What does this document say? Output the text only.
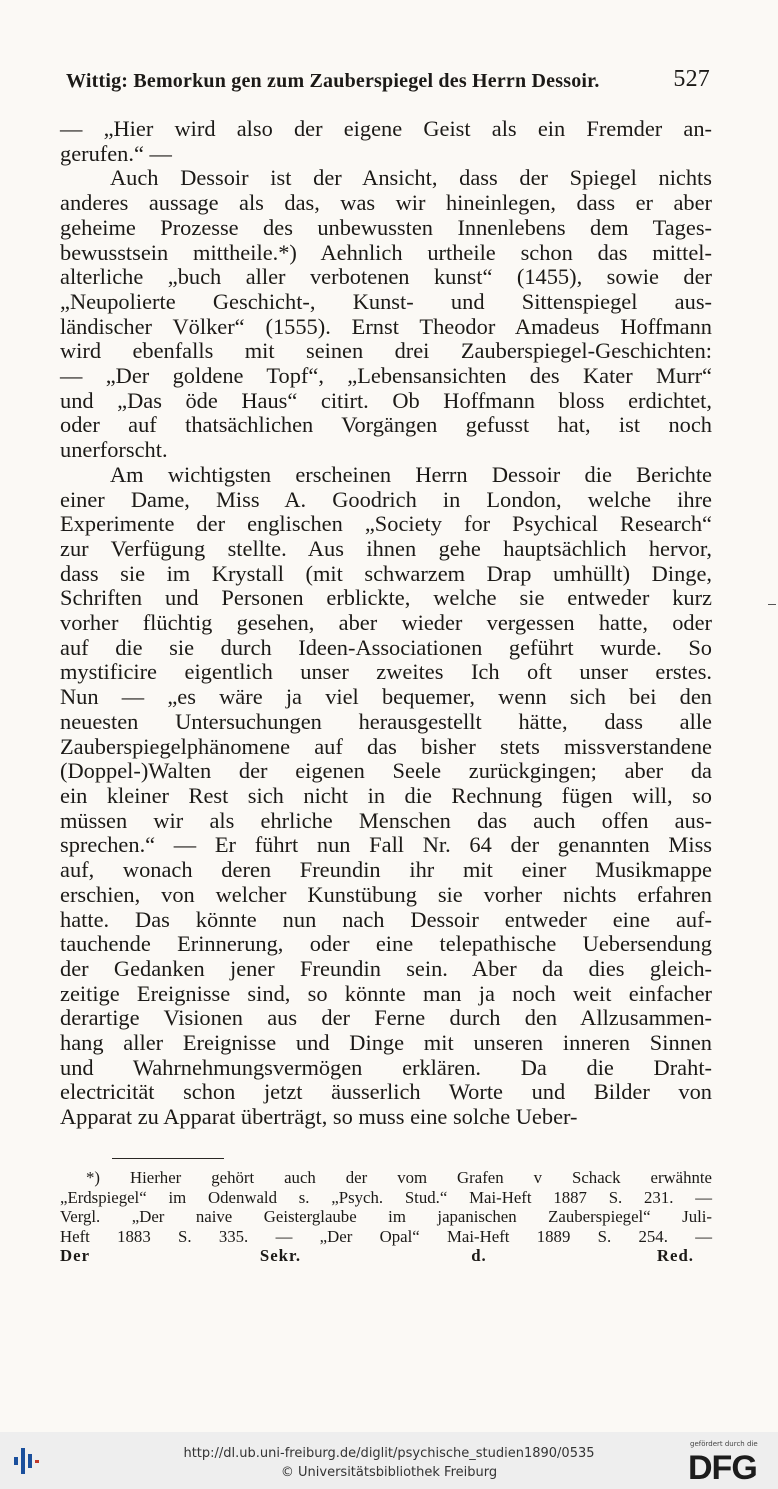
Wittig: Bemorkun gen zum Zauberspiegel des Herrn Dessoir.	527
— „Hier wird also der eigene Geist als ein Fremder an-
gerufen.“ —
Auch Dessoir ist der Ansicht, dass der Spiegel nichts
anderes aussage als das, was wir hineinlegen, dass er aber
geheime Prozesse des unbewussten Innenlebens dem Tages-
bewusstsein mittheile.*) Aehnlich urtheile schon das mittel-
alterliche „buch aller verbotenen kunst“ (1455), sowie der
„Neupolierte Geschicht-, Kunst- und Sittenspiegel aus-
ländischer Völker“ (1555). Ernst Theodor Amadeus Hoffmann
wird ebenfalls mit seinen drei Zauberspiegel-Geschichten:
— „Der goldene Topf“, „Lebensansichten des Kater Murr“
und „Das öde Haus“ citirt. Ob Hoffmann bloss erdichtet,
oder auf thatsächlichen Vorgängen gefusst hat, ist noch
unerforscht.
Am wichtigsten erscheinen Herrn Dessoir die Berichte
einer Dame, Miss A. Goodrich in London, welche ihre
Experimente der englischen „Society for Psychical Research“
zur Verfügung stellte. Aus ihnen gehe hauptsächlich hervor,
dass sie im Krystall (mit schwarzem Drap umhüllt) Dinge,
Schriften und Personen erblickte, welche sie entweder kurz
vorher flüchtig gesehen, aber wieder vergessen hatte, oder
auf die sie durch Ideen-Associationen geführt wurde. So
mystificire eigentlich unser zweites Ich oft unser erstes.
Nun — „es wäre ja viel bequemer, wenn sich bei den
neuesten Untersuchungen herausgestellt hätte, dass alle
Zauberspiegelphänomene auf das bisher stets missverstandene
(Doppel-)Walten der eigenen Seele zurückgingen; aber da
ein kleiner Rest sich nicht in die Rechnung fügen will, so
müssen wir als ehrliche Menschen das auch offen aus-
sprechen.“ — Er führt nun Fall Nr. 64 der genannten Miss
auf, wonach deren Freundin ihr mit einer Musikmappe
erschien, von welcher Kunstübung sie vorher nichts erfahren
hatte. Das könnte nun nach Dessoir entweder eine auf-
tauchende Erinnerung, oder eine telepathische Uebersendung
der Gedanken jener Freundin sein. Aber da dies gleich-
zeitige Ereignisse sind, so könnte man ja noch weit einfacher
derartige Visionen aus der Ferne durch den Allzusammen-
hang aller Ereignisse und Dinge mit unseren inneren Sinnen
und Wahrnehmungsvermögen erklären. Da die Draht-
electricität schon jetzt äusserlich Worte und Bilder von
Apparat zu Apparat überträgt, so muss eine solche Ueber-
*) Hierher gehört auch der vom Grafen v Schack erwähnte
„Erdspiegel“ im Odenwald s. „Psych. Stud.“ Mai-Heft 1887 S. 231. —
Vergl. „Der naive Geisterglaube im japanischen Zauberspiegel“ Juli-
Heft 1883 S. 335. — „Der Opal“ Mai-Heft 1889 S. 254. —
Der Sekr. d. Red.
http://dl.ub.uni-freiburg.de/diglit/psychische_studien1890/0535
© Universitätsbibliothek Freiburg
gefördert durch die
DFG
